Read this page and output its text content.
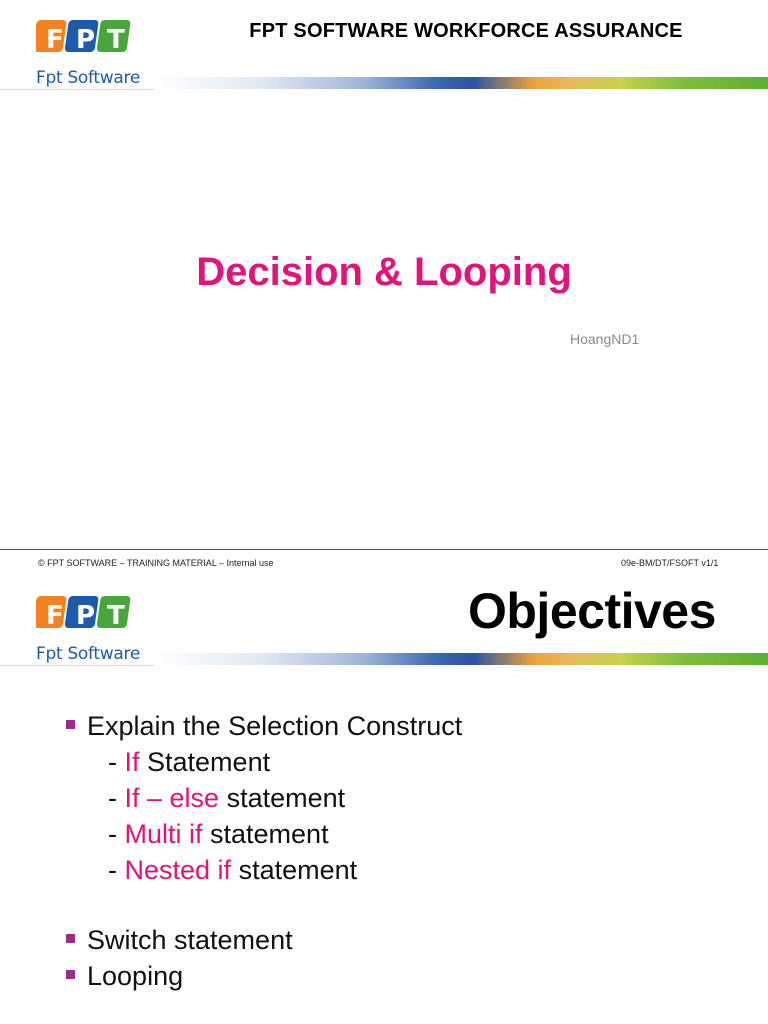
F P T
Fpt Software
FPT SOFTWARE WORKFORCE ASSURANCE
Decision & Looping
HoangND1
© FPT SOFTWARE – TRAINING MATERIAL – Internal use	09e-BM/DT/FSOFT v1/1
F P T
Fpt Software
Objectives
Explain the Selection Construct
- If Statement
- If – else statement
- Multi if statement
- Nested if statement
Switch statement
Looping
